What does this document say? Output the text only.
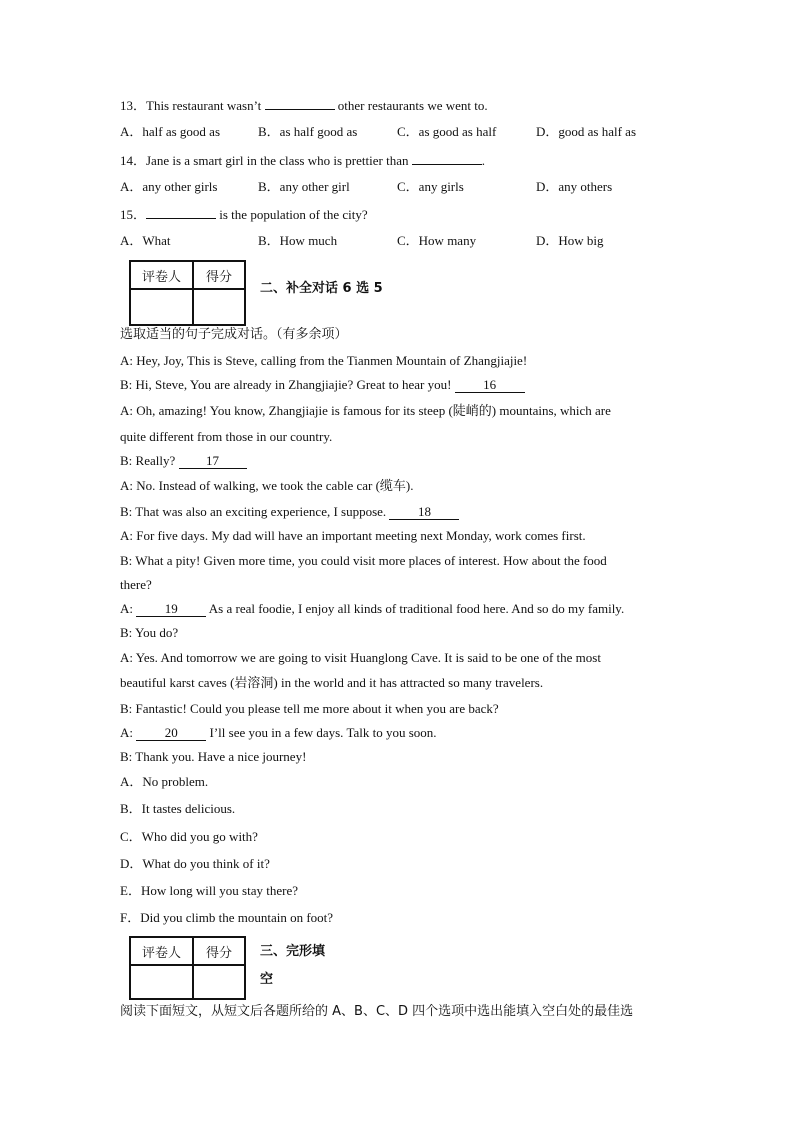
13．This restaurant wasn’t	other restaurants we went to.
A．half as good as	B．as half good as	C．as good as half	D．good as half as
14．Jane is a smart girl in the class who is prettier than	.
A．any other girls	B．any other girl	C．any girls	D．any others
15．	is the population of the city?
A．What	B．How much	C．How many	D．How big
评卷人	得分

二、补全对话 6 选 5
选取适当的句子完成对话。（有多余项）
A: Hey, Joy, This is Steve, calling from the Tianmen Mountain of Zhangjiajie!
B: Hi, Steve, You are already in Zhangjiajie? Great to hear you! 16
A: Oh, amazing! You know, Zhangjiajie is famous for its steep (陡峭的) mountains, which are
quite different from those in our country.
B: Really? 17
A: No. Instead of walking, we took the cable car (缆车).
B: That was also an exciting experience, I suppose. 18
A: For five days. My dad will have an important meeting next Monday, work comes first.
B: What a pity! Given more time, you could visit more places of interest. How about the food
there?
A: 19 As a real foodie, I enjoy all kinds of traditional food here. And so do my family.
B: You do?
A: Yes. And tomorrow we are going to visit Huanglong Cave. It is said to be one of the most
beautiful karst caves (岩溶洞) in the world and it has attracted so many travelers.
B: Fantastic! Could you please tell me more about it when you are back?
A: 20 I’ll see you in a few days. Talk to you soon.
B: Thank you. Have a nice journey!
A．No problem.
B．It tastes delicious.
C．Who did you go with?
D．What do you think of it?
E．How long will you stay there?
F．Did you climb the mountain on foot?
评卷人	得分
	三、完形填
空
阅读下面短文，从短文后各题所给的 A、B、C、D 四个选项中选出能填入空白处的最佳选
